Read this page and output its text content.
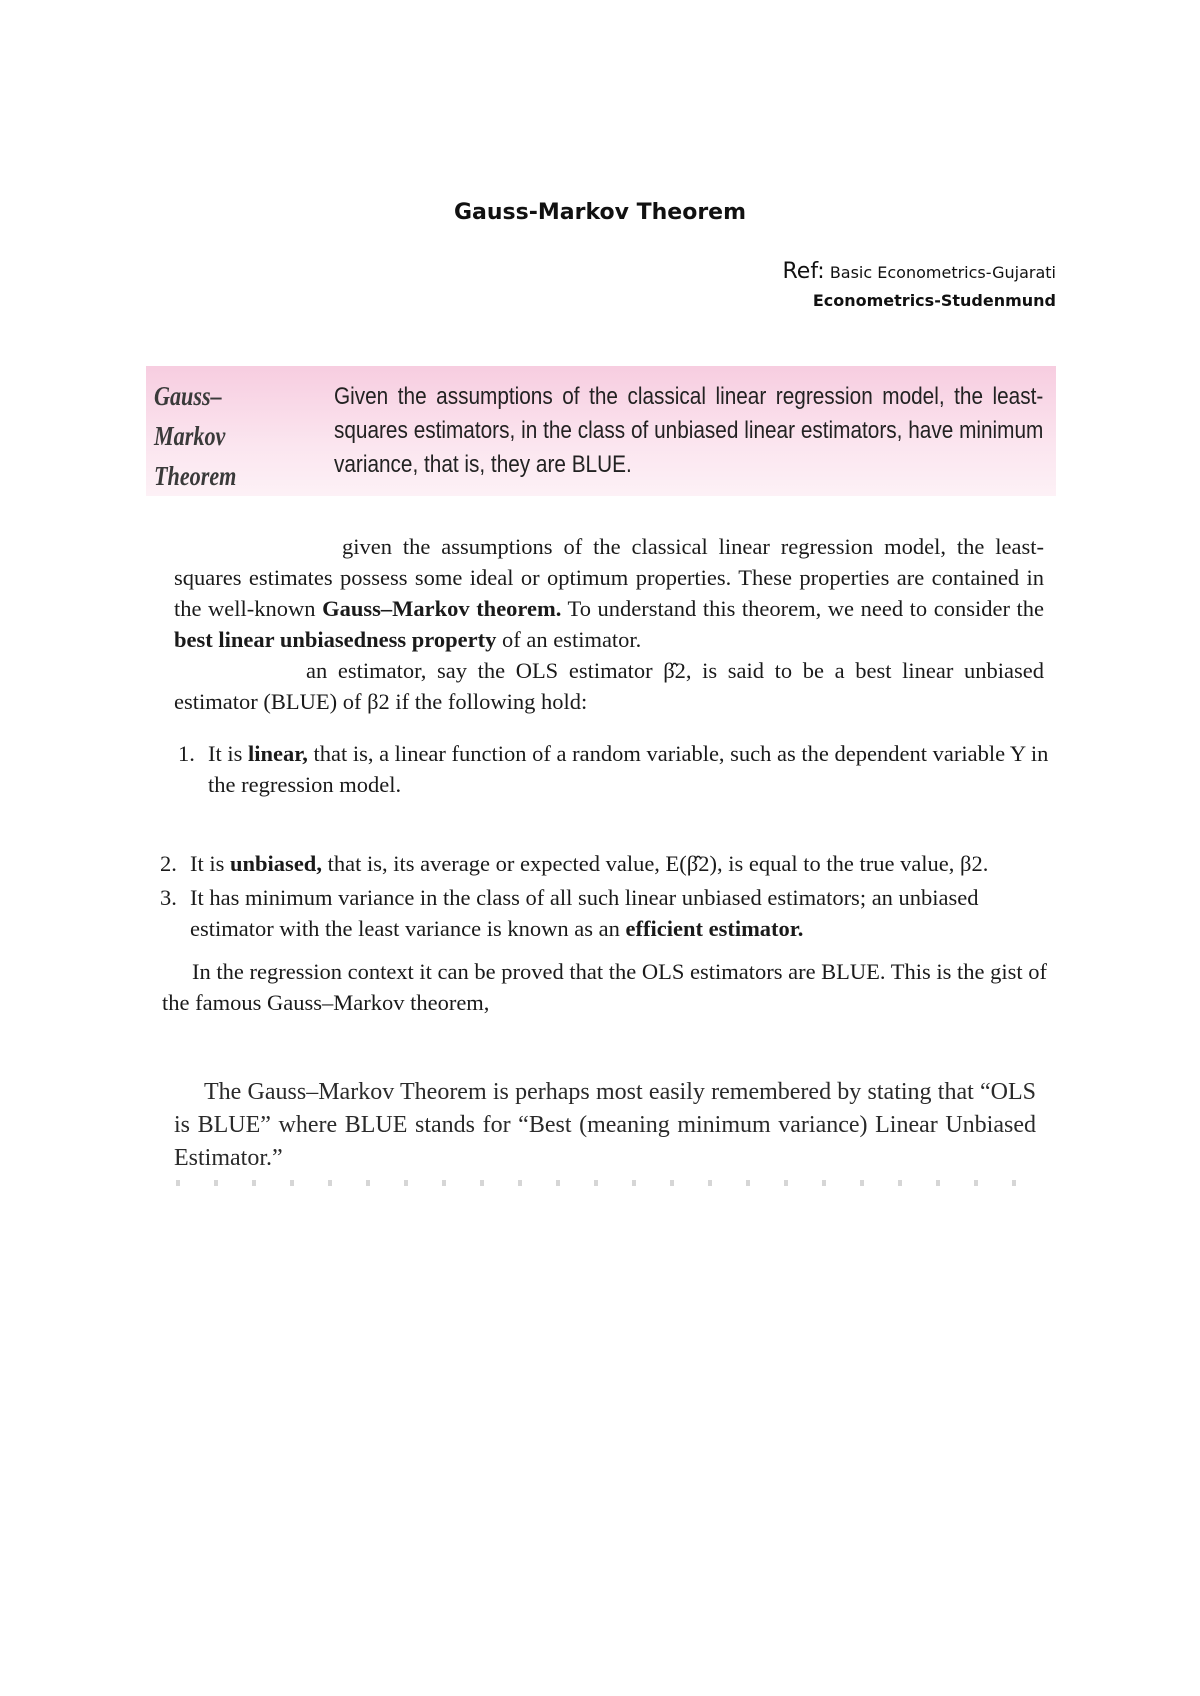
Gauss-Markov Theorem
Ref: Basic Econometrics-Gujarati
Econometrics-Studenmund
Gauss–Markov Theorem
Given the assumptions of the classical linear regression model, the least-squares estimators, in the class of unbiased linear estimators, have minimum variance, that is, they are BLUE.
given the assumptions of the classical linear regression model, the least-squares estimates possess some ideal or optimum properties. These properties are contained in the well-known Gauss–Markov theorem. To understand this theorem, we need to consider the best linear unbiasedness property of an estimator.
an estimator, say the OLS estimator β̂2, is said to be a best linear unbiased estimator (BLUE) of β2 if the following hold:
1. It is linear, that is, a linear function of a random variable, such as the dependent variable Y in the regression model.
2. It is unbiased, that is, its average or expected value, E(β̂2), is equal to the true value, β2.
3. It has minimum variance in the class of all such linear unbiased estimators; an unbiased estimator with the least variance is known as an efficient estimator.
In the regression context it can be proved that the OLS estimators are BLUE. This is the gist of the famous Gauss–Markov theorem,
The Gauss–Markov Theorem is perhaps most easily remembered by stating that “OLS is BLUE” where BLUE stands for “Best (meaning minimum variance) Linear Unbiased Estimator.”
